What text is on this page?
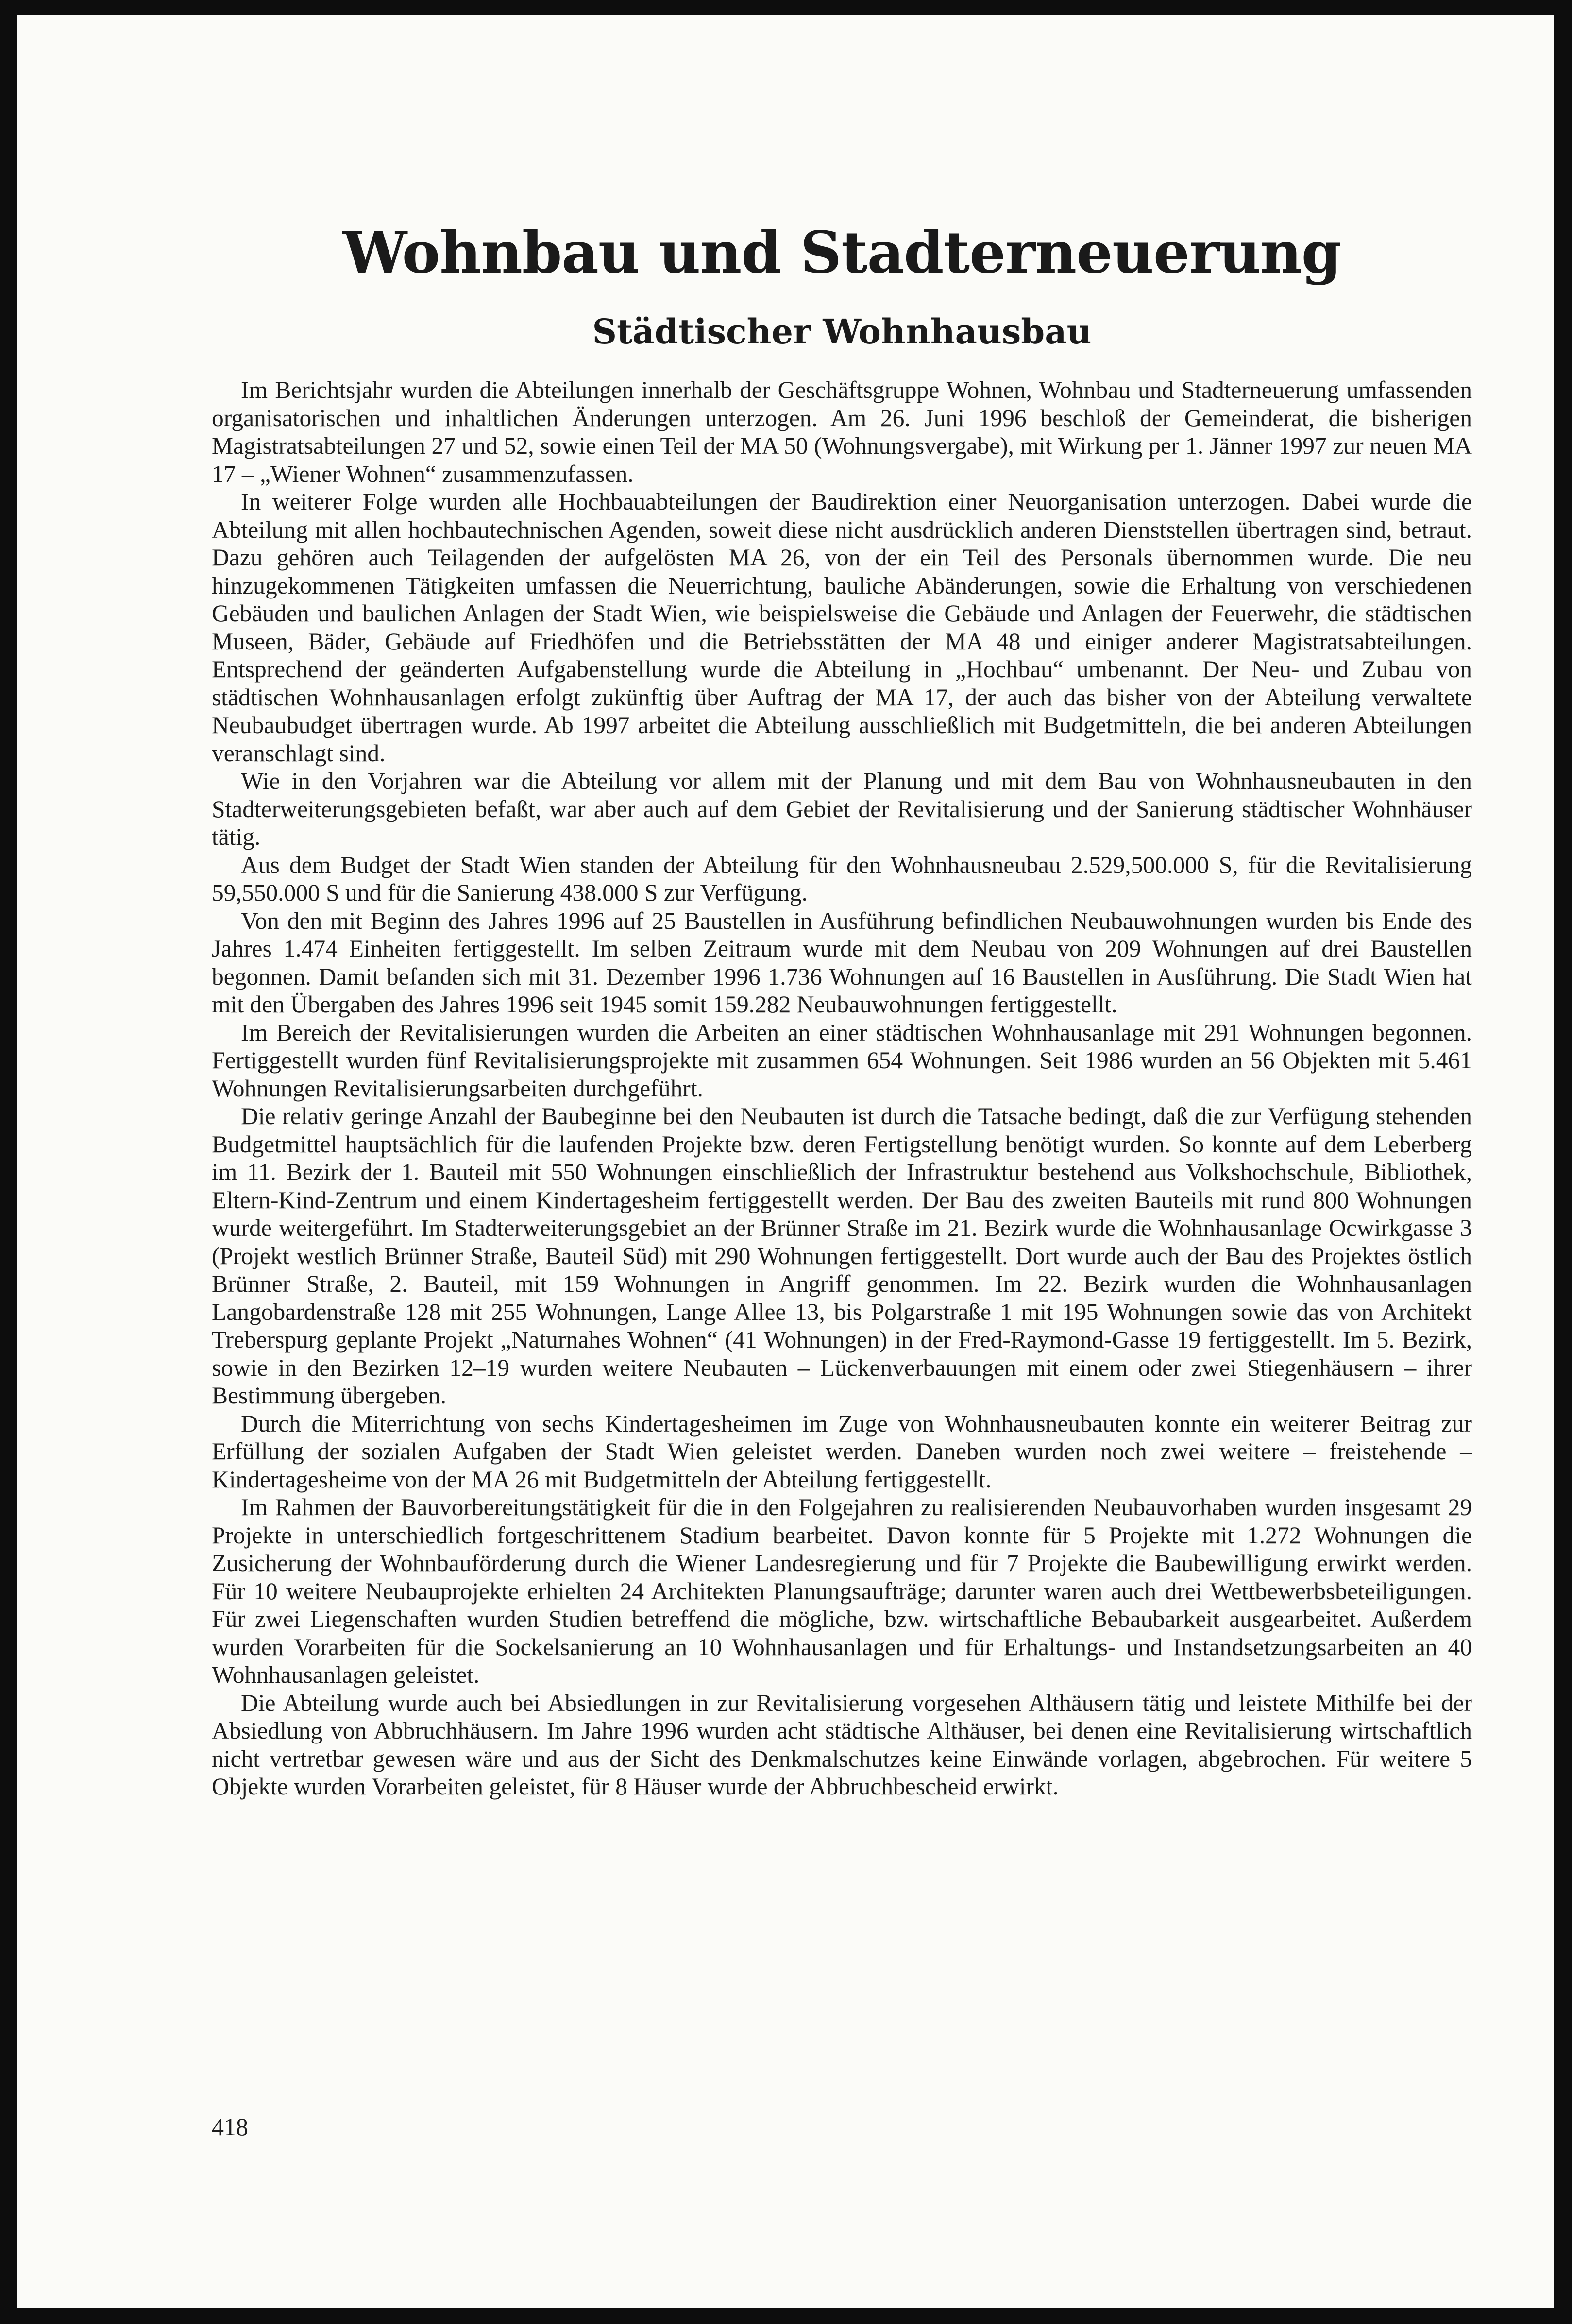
Wohnbau und Stadterneuerung
Städtischer Wohnhausbau

Im Berichtsjahr wurden die Abteilungen innerhalb der Geschäftsgruppe Wohnen, Wohnbau und Stadterneuerung umfassenden organisatorischen und inhaltlichen Änderungen unterzogen. Am 26. Juni 1996 beschloß der Gemeinderat, die bisherigen Magistratsabteilungen 27 und 52, sowie einen Teil der MA 50 (Wohnungsvergabe), mit Wirkung per 1. Jänner 1997 zur neuen MA 17 – „Wiener Wohnen“ zusammenzufassen.

In weiterer Folge wurden alle Hochbauabteilungen der Baudirektion einer Neuorganisation unterzogen. Dabei wurde die Abteilung mit allen hochbautechnischen Agenden, soweit diese nicht ausdrücklich anderen Dienststellen übertragen sind, betraut. Dazu gehören auch Teilagenden der aufgelösten MA 26, von der ein Teil des Personals übernommen wurde. Die neu hinzugekommenen Tätigkeiten umfassen die Neuerrichtung, bauliche Abänderungen, sowie die Erhaltung von verschiedenen Gebäuden und baulichen Anlagen der Stadt Wien, wie beispielsweise die Gebäude und Anlagen der Feuerwehr, die städtischen Museen, Bäder, Gebäude auf Friedhöfen und die Betriebsstätten der MA 48 und einiger anderer Magistratsabteilungen. Entsprechend der geänderten Aufgabenstellung wurde die Abteilung in „Hochbau“ umbenannt. Der Neu- und Zubau von städtischen Wohnhausanlagen erfolgt zukünftig über Auftrag der MA 17, der auch das bisher von der Abteilung verwaltete Neubaubudget übertragen wurde. Ab 1997 arbeitet die Abteilung ausschließlich mit Budgetmitteln, die bei anderen Abteilungen veranschlagt sind.

Wie in den Vorjahren war die Abteilung vor allem mit der Planung und mit dem Bau von Wohnhausneubauten in den Stadterweiterungsgebieten befaßt, war aber auch auf dem Gebiet der Revitalisierung und der Sanierung städtischer Wohnhäuser tätig.

Aus dem Budget der Stadt Wien standen der Abteilung für den Wohnhausneubau 2.529,500.000 S, für die Revitalisierung 59,550.000 S und für die Sanierung 438.000 S zur Verfügung.

Von den mit Beginn des Jahres 1996 auf 25 Baustellen in Ausführung befindlichen Neubauwohnungen wurden bis Ende des Jahres 1.474 Einheiten fertiggestellt. Im selben Zeitraum wurde mit dem Neubau von 209 Wohnungen auf drei Baustellen begonnen. Damit befanden sich mit 31. Dezember 1996 1.736 Wohnungen auf 16 Baustellen in Ausführung. Die Stadt Wien hat mit den Übergaben des Jahres 1996 seit 1945 somit 159.282 Neubauwohnungen fertiggestellt.

Im Bereich der Revitalisierungen wurden die Arbeiten an einer städtischen Wohnhausanlage mit 291 Wohnungen begonnen. Fertiggestellt wurden fünf Revitalisierungsprojekte mit zusammen 654 Wohnungen. Seit 1986 wurden an 56 Objekten mit 5.461 Wohnungen Revitalisierungsarbeiten durchgeführt.

Die relativ geringe Anzahl der Baubeginne bei den Neubauten ist durch die Tatsache bedingt, daß die zur Verfügung stehenden Budgetmittel hauptsächlich für die laufenden Projekte bzw. deren Fertigstellung benötigt wurden. So konnte auf dem Leberberg im 11. Bezirk der 1. Bauteil mit 550 Wohnungen einschließlich der Infrastruktur bestehend aus Volkshochschule, Bibliothek, Eltern-Kind-Zentrum und einem Kindertagesheim fertiggestellt werden. Der Bau des zweiten Bauteils mit rund 800 Wohnungen wurde weitergeführt. Im Stadterweiterungsgebiet an der Brünner Straße im 21. Bezirk wurde die Wohnhausanlage Ocwirkgasse 3 (Projekt westlich Brünner Straße, Bauteil Süd) mit 290 Wohnungen fertiggestellt. Dort wurde auch der Bau des Projektes östlich Brünner Straße, 2. Bauteil, mit 159 Wohnungen in Angriff genommen. Im 22. Bezirk wurden die Wohnhausanlagen Langobardenstraße 128 mit 255 Wohnungen, Lange Allee 13, bis Polgarstraße 1 mit 195 Wohnungen sowie das von Architekt Treberspurg geplante Projekt „Naturnahes Wohnen“ (41 Wohnungen) in der Fred-Raymond-Gasse 19 fertiggestellt. Im 5. Bezirk, sowie in den Bezirken 12–19 wurden weitere Neubauten – Lückenverbauungen mit einem oder zwei Stiegenhäusern – ihrer Bestimmung übergeben.

Durch die Miterrichtung von sechs Kindertagesheimen im Zuge von Wohnhausneubauten konnte ein weiterer Beitrag zur Erfüllung der sozialen Aufgaben der Stadt Wien geleistet werden. Daneben wurden noch zwei weitere – freistehende – Kindertagesheime von der MA 26 mit Budgetmitteln der Abteilung fertiggestellt.

Im Rahmen der Bauvorbereitungstätigkeit für die in den Folgejahren zu realisierenden Neubauvorhaben wurden insgesamt 29 Projekte in unterschiedlich fortgeschrittenem Stadium bearbeitet. Davon konnte für 5 Projekte mit 1.272 Wohnungen die Zusicherung der Wohnbauförderung durch die Wiener Landesregierung und für 7 Projekte die Baubewilligung erwirkt werden. Für 10 weitere Neubauprojekte erhielten 24 Architekten Planungsaufträge; darunter waren auch drei Wettbewerbsbeteiligungen. Für zwei Liegenschaften wurden Studien betreffend die mögliche, bzw. wirtschaftliche Bebaubarkeit ausgearbeitet. Außerdem wurden Vorarbeiten für die Sockelsanierung an 10 Wohnhausanlagen und für Erhaltungs- und Instandsetzungsarbeiten an 40 Wohnhausanlagen geleistet.

Die Abteilung wurde auch bei Absiedlungen in zur Revitalisierung vorgesehen Althäusern tätig und leistete Mithilfe bei der Absiedlung von Abbruchhäusern. Im Jahre 1996 wurden acht städtische Althäuser, bei denen eine Revitalisierung wirtschaftlich nicht vertretbar gewesen wäre und aus der Sicht des Denkmalschutzes keine Einwände vorlagen, abgebrochen. Für weitere 5 Objekte wurden Vorarbeiten geleistet, für 8 Häuser wurde der Abbruchbescheid erwirkt.

418
